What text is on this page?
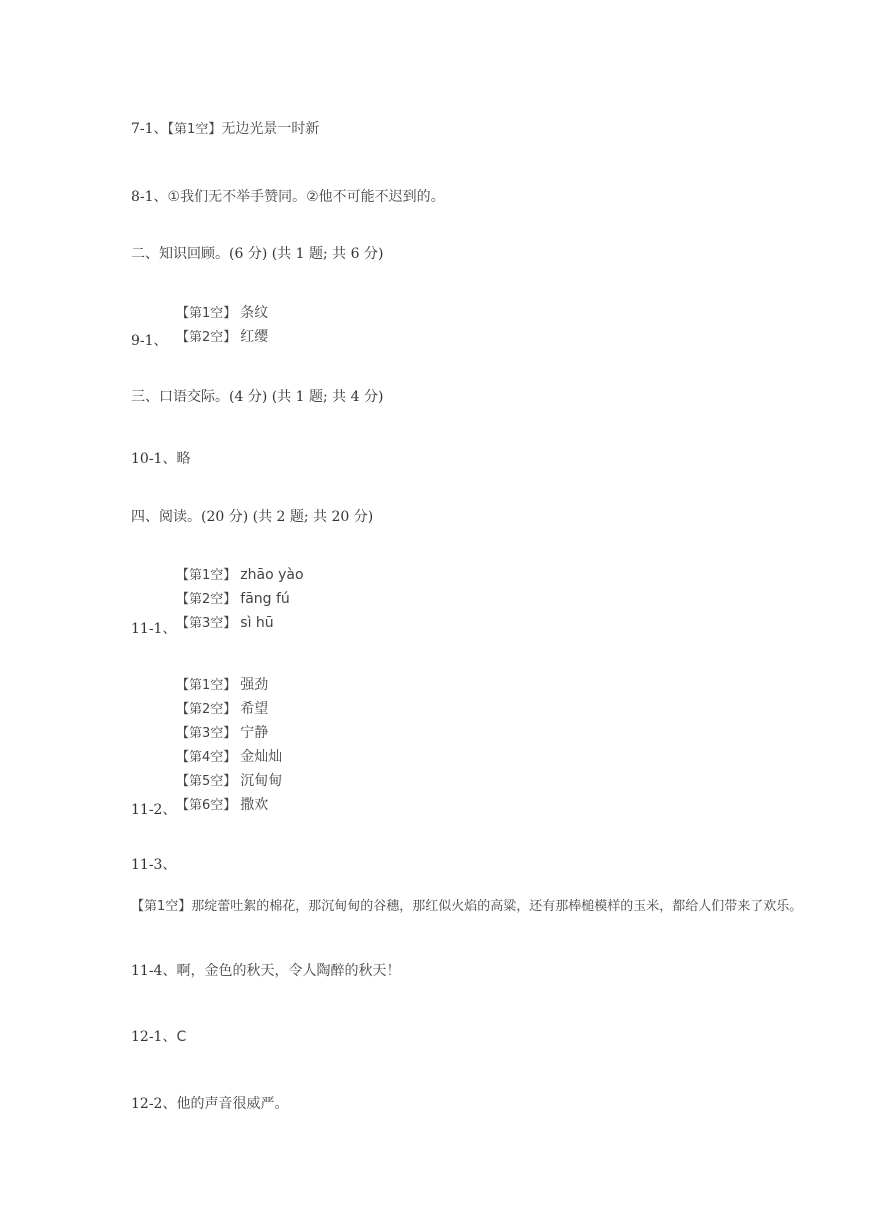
7-1、【第1空】无边光景一时新
8-1、①我们无不举手赞同。②他不可能不迟到的。
二、知识回顾。(6 分) (共 1 题; 共 6 分)
【第1空】 条纹
【第2空】 红缨
9-1、
三、口语交际。(4 分) (共 1 题; 共 4 分)
10-1、略
四、阅读。(20 分) (共 2 题; 共 20 分)
【第1空】 zhāo yào
【第2空】 fāng fú
【第3空】 sì hū
11-1、
【第1空】 强劲
【第2空】 希望
【第3空】 宁静
【第4空】 金灿灿
【第5空】 沉甸甸
【第6空】 撒欢
11-2、
11-3、
【第1空】那绽蕾吐絮的棉花，那沉甸甸的谷穗，那红似火焰的高粱，还有那棒槌模样的玉米，都给人们带来了欢乐。
11-4、啊，金色的秋天，令人陶醉的秋天！
12-1、C
12-2、他的声音很威严。
